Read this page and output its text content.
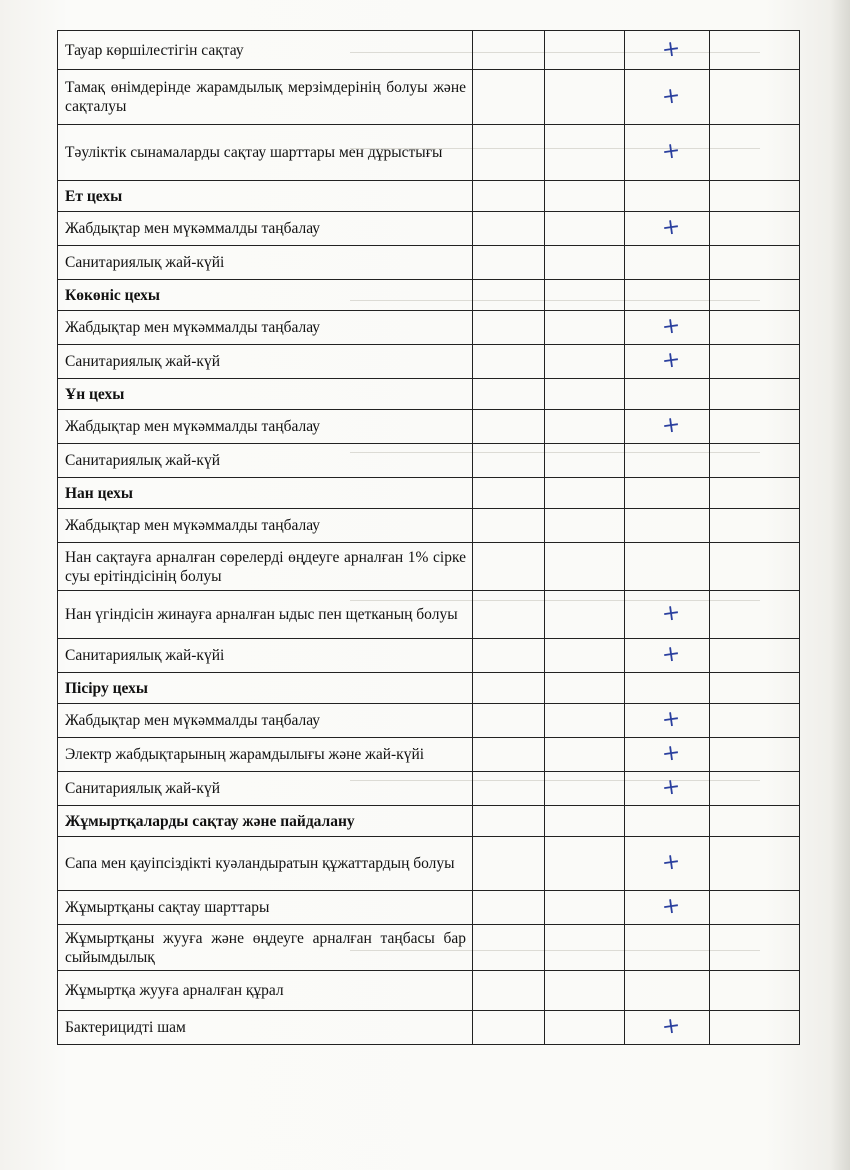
Тауар көршілестігін сақтау			+	
Тамақ өнімдерінде жарамдылық мерзімдерінің болуы және сақталуы			+	
Тәуліктік сынамаларды сақтау шарттары мен дұрыстығы			+	
Ет цехы				
Жабдықтар мен мүкәммалды таңбалау			+	
Санитариялық жай-күйі				
Көкөніс цехы				
Жабдықтар мен мүкәммалды таңбалау			+	
Санитариялық жай-күй			+	
Ұн цехы				
Жабдықтар мен мүкәммалды таңбалау			+	
Санитариялық жай-күй				
Нан цехы				
Жабдықтар мен мүкәммалды таңбалау				
Нан сақтауға арналған сөрелерді өңдеуге арналған 1% сірке суы ерітіндісінің болуы				
Нан үгіндісін жинауға арналған ыдыс пен щетканың болуы			+	
Санитариялық жай-күйі			+	
Пісіру цехы				
Жабдықтар мен мүкәммалды таңбалау			+	
Электр жабдықтарының жарамдылығы және жай-күйі			+	
Санитариялық жай-күй			+	
Жұмыртқаларды сақтау және пайдалану				
Сапа мен қауіпсіздікті куәландыратын құжаттардың болуы			+	
Жұмыртқаны сақтау шарттары			+	
Жұмыртқаны жууға және өңдеуге арналған таңбасы бар сыйымдылық				
Жұмыртқа жууға арналған құрал				
Бактерицидті шам			+	
